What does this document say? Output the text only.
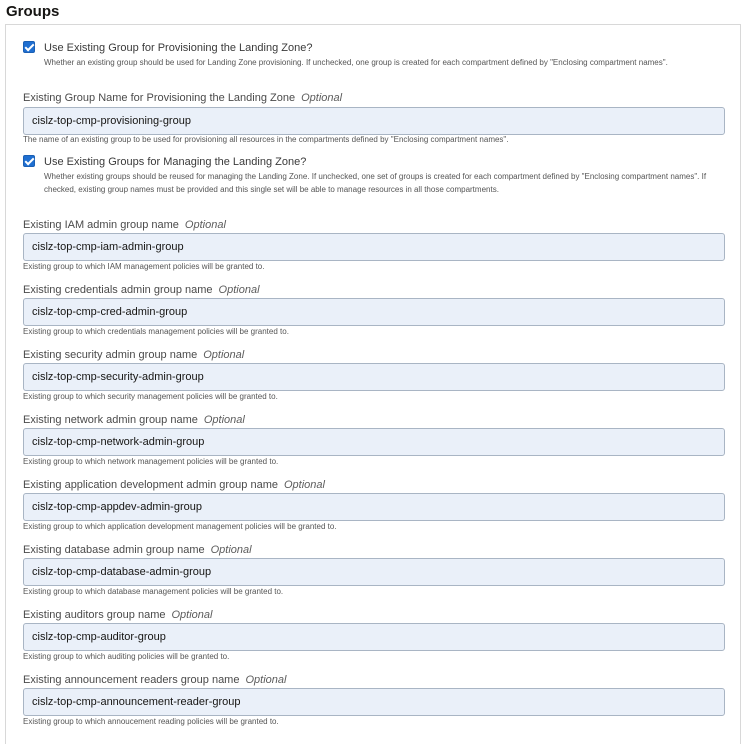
Groups
Use Existing Group for Provisioning the Landing Zone?
Whether an existing group should be used for Landing Zone provisioning. If unchecked, one group is created for each compartment defined by "Enclosing compartment names".
Existing Group Name for Provisioning the Landing Zone Optional
cislz-top-cmp-provisioning-group
The name of an existing group to be used for provisioning all resources in the compartments defined by "Enclosing compartment names".
Use Existing Groups for Managing the Landing Zone?
Whether existing groups should be reused for managing the Landing Zone. If unchecked, one set of groups is created for each compartment defined by "Enclosing compartment names". If checked, existing group names must be provided and this single set will be able to manage resources in all those compartments.
Existing IAM admin group name Optional
cislz-top-cmp-iam-admin-group
Existing group to which IAM management policies will be granted to.
Existing credentials admin group name Optional
cislz-top-cmp-cred-admin-group
Existing group to which credentials management policies will be granted to.
Existing security admin group name Optional
cislz-top-cmp-security-admin-group
Existing group to which security management policies will be granted to.
Existing network admin group name Optional
cislz-top-cmp-network-admin-group
Existing group to which network management policies will be granted to.
Existing application development admin group name Optional
cislz-top-cmp-appdev-admin-group
Existing group to which application development management policies will be granted to.
Existing database admin group name Optional
cislz-top-cmp-database-admin-group
Existing group to which database management policies will be granted to.
Existing auditors group name Optional
cislz-top-cmp-auditor-group
Existing group to which auditing policies will be granted to.
Existing announcement readers group name Optional
cislz-top-cmp-announcement-reader-group
Existing group to which annoucement reading policies will be granted to.
